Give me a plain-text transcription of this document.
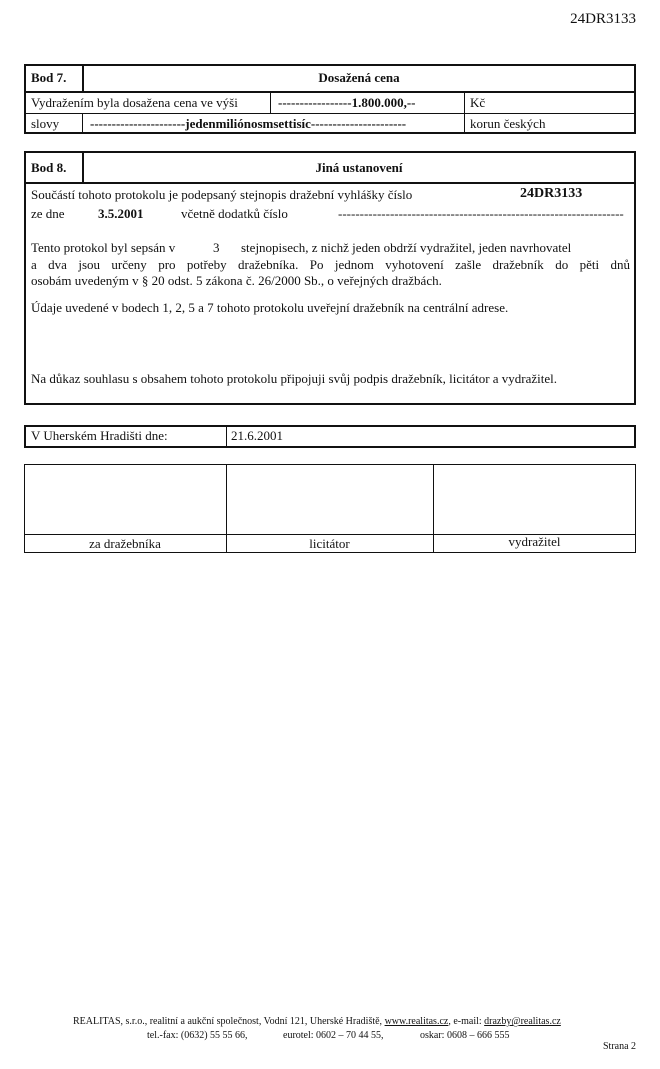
24DR3133
Bod 7.	Dosažená cena
Vydražením byla dosažena cena ve výši	-----------------1.800.000,--	Kč
slovy ----------------------jedenmiliónosmsettisíc----------------------	korun českých
Bod 8.	Jiná ustanovení
Součástí tohoto protokolu je podepsaný stejnopis dražební vyhlášky číslo	24DR3133
ze dne	3.5.2001	včetně dodatků číslo	------------------------------------------------------------------
Tento protokol byl sepsán v	3 stejnopisech, z nichž jeden obdrží vydražitel, jeden navrhovatel
a dva jsou určeny pro potřeby dražebníka. Po jednom vyhotovení zašle dražebník do pěti dnů
osobám uvedeným v § 20 odst. 5 zákona č. 26/2000 Sb., o veřejných dražbách.
Údaje uvedené v bodech 1, 2, 5 a 7 tohoto protokolu uveřejní dražebník na centrální adrese.
Na důkaz souhlasu s obsahem tohoto protokolu připojuji svůj podpis dražebník, licitátor a vydražitel.
V Uherském Hradišti dne:	21.6.2001
za dražebníka	licitátor	vydražitel
REALITAS, s.r.o., realitní a aukční společnost, Vodní 121, Uherské Hradiště, www.realitas.cz, e-mail: drazby@realitas.cz
tel.-fax: (0632) 55 55 66,	eurotel: 0602 – 70 44 55,	oskar: 0608 – 666 555
Strana 2
